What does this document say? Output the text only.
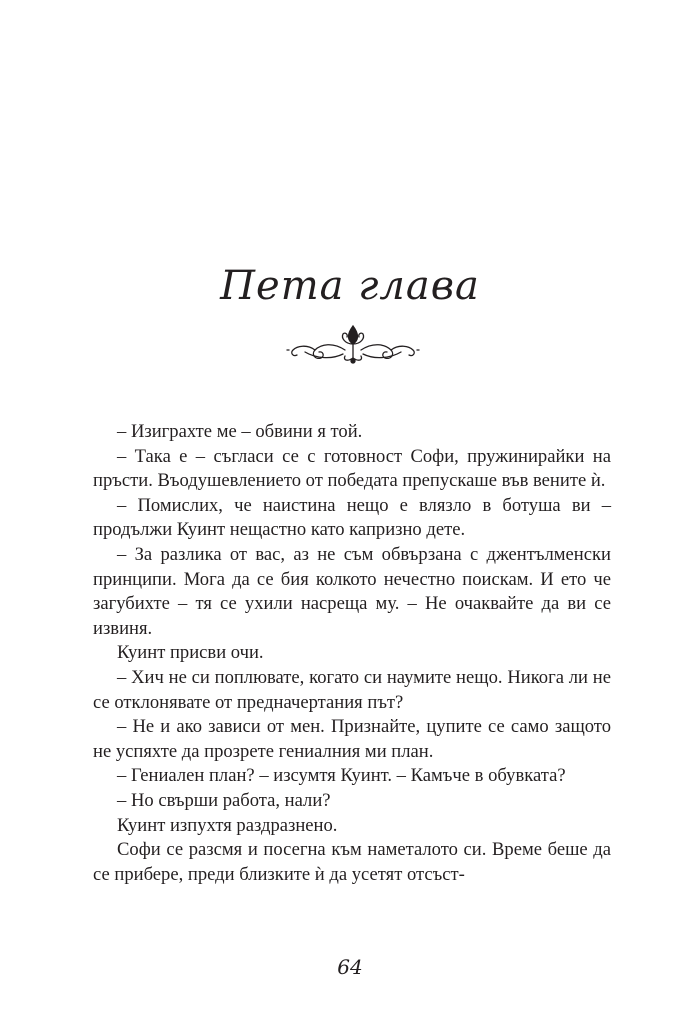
Пета глава

– Изиграхте ме – обвини я той.

– Така е – съгласи се с готовност Софи, пружинирайки на пръсти. Въодушевлението от победата препускаше във вените ѝ.

– Помислих, че наистина нещо е влязло в ботуша ви – продължи Куинт нещастно като капризно дете.

– За разлика от вас, аз не съм обвързана с джентълменски принципи. Мога да се бия колкото нечестно поискам. И ето че загубихте – тя се ухили насреща му. – Не очаквайте да ви се извиня.

Куинт присви очи.

– Хич не си поплювате, когато си наумите нещо. Никога ли не се отклонявате от предначертания път?

– Не и ако зависи от мен. Признайте, цупите се само защото не успяхте да прозрете гениалния ми план.

– Гениален план? – изсумтя Куинт. – Камъче в обувката?

– Но свърши работа, нали?

Куинт изпухтя раздразнено.

Софи се разсмя и посегна към наметалото си. Време беше да се прибере, преди близките ѝ да усетят отсъст-

64
